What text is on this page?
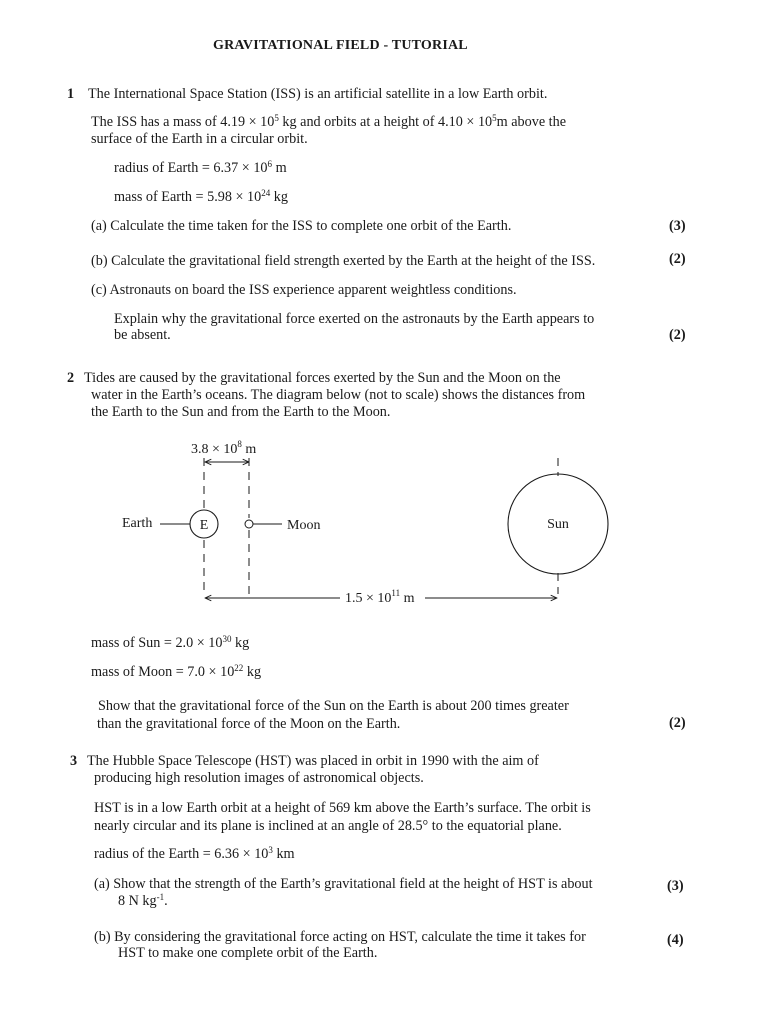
GRAVITATIONAL FIELD - TUTORIAL
1 The International Space Station (ISS) is an artificial satellite in a low Earth orbit.
The ISS has a mass of $4.19 \times 10^5$ kg and orbits at a height of $4.10 \times 10^5m$ above the
surface of the Earth in a circular orbit.
radius of Earth = $6.37 \times 10^6$ m
mass of Earth = $5.98 \times 10^{24}$ kg
(a) Calculate the time taken for the ISS to complete one orbit of the Earth.	(3)
(b) Calculate the gravitational field strength exerted by the Earth at the height of the ISS.	(2)
(c) Astronauts on board the ISS experience apparent weightless conditions.
Explain why the gravitational force exerted on the astronauts by the Earth appears to
be absent.	(2)
2 Tides are caused by the gravitational forces exerted by the Sun and the Moon on the
water in the Earth’s oceans. The diagram below (not to scale) shows the distances from
the Earth to the Sun and from the Earth to the Moon.
$3.8 \times 10^8$ m
Earth	E	Moon	Sun
$1.5 \times 10^{11}$ m
mass of Sun = $2.0 \times 10^{30}$ kg
mass of Moon = $7.0 \times 10^{22}$ kg
Show that the gravitational force of the Sun on the Earth is about 200 times greater
than the gravitational force of the Moon on the Earth.	(2)
3 The Hubble Space Telescope (HST) was placed in orbit in 1990 with the aim of
producing high resolution images of astronomical objects.
HST is in a low Earth orbit at a height of 569 km above the Earth’s surface. The orbit is
nearly circular and its plane is inclined at an angle of 28.5° to the equatorial plane.
radius of the Earth = $6.36 \times 10^3$ km
(a) Show that the strength of the Earth’s gravitational field at the height of HST is about
8 N $kg^{-1}$.
(3)
(b) By considering the gravitational force acting on HST, calculate the time it takes for
HST to make one complete orbit of the Earth.
(4)
